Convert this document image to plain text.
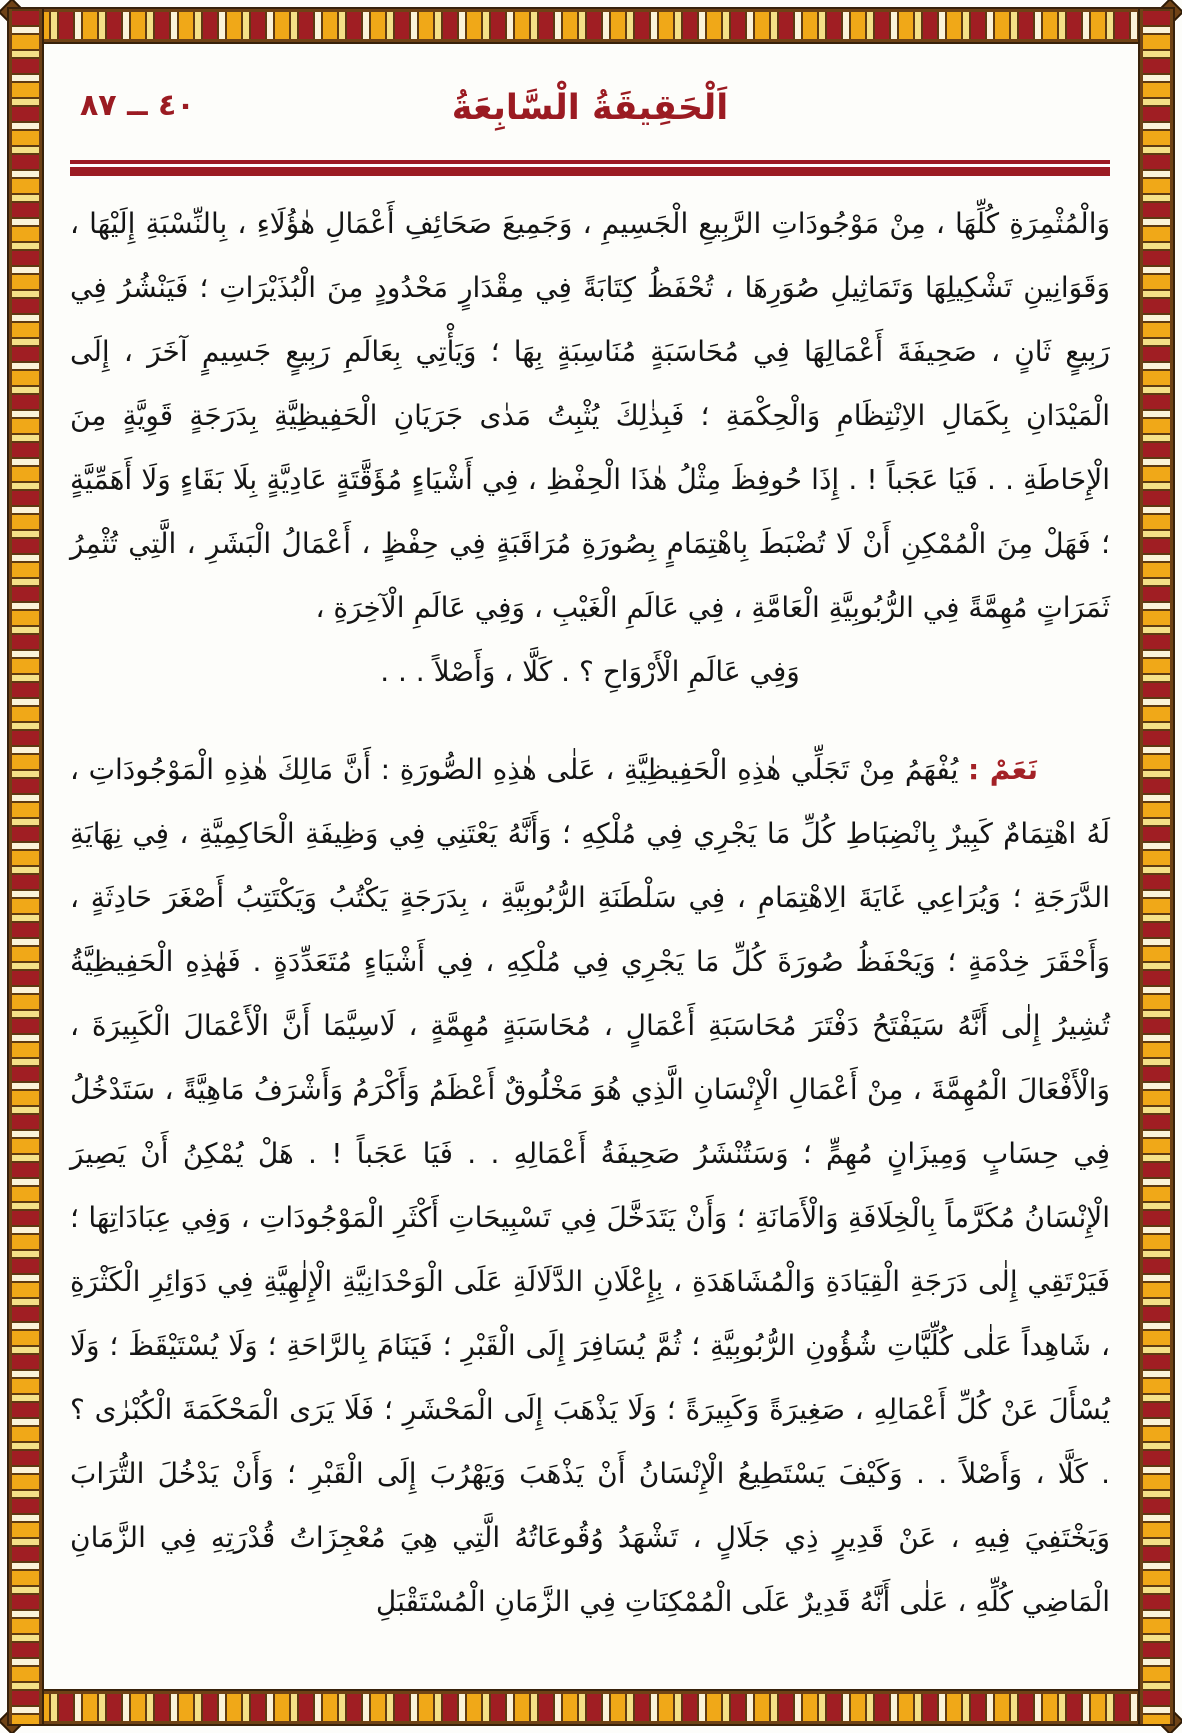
اَلْحَقِيقَةُ الْسَّابِعَةُ
٤٠ ــ ٨٧

وَالْمُثْمِرَةِ كُلِّهَا ، مِنْ مَوْجُودَاتِ الرَّبِيعِ الْجَسِيمِ ، وَجَمِيعَ صَحَائِفِ أَعْمَالِ هٰؤُلَاءِ ، بِالنِّسْبَةِ إِلَيْهَا ، وَقَوَانِينِ تَشْكِيلِهَا وَتَمَاثِيلِ صُوَرِهَا ، تُحْفَظُ كِتَابَةً فِي مِقْدَارٍ مَحْدُودٍ مِنَ الْبُذَيْرَاتِ ؛ فَيَنْشُرُ فِي رَبِيعٍ ثَانٍ ، صَحِيفَةَ أَعْمَالِهَا فِي مُحَاسَبَةٍ مُنَاسِبَةٍ بِهَا ؛ وَيَأْتِي بِعَالَمِ رَبِيعٍ جَسِيمٍ آخَرَ ، إِلَى الْمَيْدَانِ بِكَمَالِ الاِنْتِظَامِ وَالْحِكْمَةِ ؛ فَبِذٰلِكَ يُثْبِتُ مَدٰى جَرَيَانِ الْحَفِيظِيَّةِ بِدَرَجَةٍ قَوِيَّةٍ مِنَ الْإِحَاطَةِ . . فَيَا عَجَباً ! . إِذَا حُوفِظَ مِثْلُ هٰذَا الْحِفْظِ ، فِي أَشْيَاءٍ مُؤَقَّتَةٍ عَادِيَّةٍ بِلَا بَقَاءٍ وَلَا أَهَمِّيَّةٍ ؛ فَهَلْ مِنَ الْمُمْكِنِ أَنْ لَا تُضْبَطَ بِاهْتِمَامٍ بِصُورَةِ مُرَاقَبَةٍ فِي حِفْظٍ ، أَعْمَالُ الْبَشَرِ ، الَّتِي تُثْمِرُ ثَمَرَاتٍ مُهِمَّةً فِي الرُّبُوبِيَّةِ الْعَامَّةِ ، فِي عَالَمِ الْغَيْبِ ، وَفِي عَالَمِ الْآخِرَةِ ،

وَفِي عَالَمِ الْأَرْوَاحِ ؟ . كَلَّا ، وَأَصْلاً . . .

نَعَمْ : يُفْهَمُ مِنْ تَجَلِّي هٰذِهِ الْحَفِيظِيَّةِ ، عَلٰى هٰذِهِ الصُّورَةِ : أَنَّ مَالِكَ هٰذِهِ الْمَوْجُودَاتِ ، لَهُ اهْتِمَامٌ كَبِيرٌ بِانْضِبَاطِ كُلِّ مَا يَجْرِي فِي مُلْكِهِ ؛ وَأَنَّهُ يَعْتَنِي فِي وَظِيفَةِ الْحَاكِمِيَّةِ ، فِي نِهَايَةِ الدَّرَجَةِ ؛ وَيُرَاعِي غَايَةَ الِاهْتِمَامِ ، فِي سَلْطَنَةِ الرُّبُوبِيَّةِ ، بِدَرَجَةٍ يَكْتُبُ وَيَكْتَتِبُ أَصْغَرَ حَادِثَةٍ ، وَأَحْقَرَ خِدْمَةٍ ؛ وَيَحْفَظُ صُورَةَ كُلِّ مَا يَجْرِي فِي مُلْكِهِ ، فِي أَشْيَاءٍ مُتَعَدِّدَةٍ . فَهٰذِهِ الْحَفِيظِيَّةُ تُشِيرُ إِلٰى أَنَّهُ سَيَفْتَحُ دَفْتَرَ مُحَاسَبَةِ أَعْمَالٍ ، مُحَاسَبَةٍ مُهِمَّةٍ ، لَاسِيَّمَا أَنَّ الْأَعْمَالَ الْكَبِيرَةَ ، وَالْأَفْعَالَ الْمُهِمَّةَ ، مِنْ أَعْمَالِ الْإِنْسَانِ الَّذِي هُوَ مَخْلُوقٌ أَعْظَمُ وَأَكْرَمُ وَأَشْرَفُ مَاهِيَّةً ، سَتَدْخُلُ فِي حِسَابٍ وَمِيزَانٍ مُهِمٍّ ؛ وَسَتُنْشَرُ صَحِيفَةُ أَعْمَالِهِ . . فَيَا عَجَباً ! . هَلْ يُمْكِنُ أَنْ يَصِيرَ الْإِنْسَانُ مُكَرَّماً بِالْخِلَافَةِ وَالْأَمَانَةِ ؛ وَأَنْ يَتَدَخَّلَ فِي تَسْبِيحَاتِ أَكْثَرِ الْمَوْجُودَاتِ ، وَفِي عِبَادَاتِهَا ؛ فَيَرْتَقِي إِلٰى دَرَجَةِ الْقِيَادَةِ وَالْمُشَاهَدَةِ ، بِإِعْلَانِ الدَّلَالَةِ عَلَى الْوَحْدَانِيَّةِ الْإِلٰهِيَّةِ فِي دَوَائِرِ الْكَثْرَةِ ، شَاهِداً عَلٰى كُلِّيَّاتِ شُؤُونِ الرُّبُوبِيَّةِ ؛ ثُمَّ يُسَافِرَ إِلَى الْقَبْرِ ؛ فَيَنَامَ بِالرَّاحَةِ ؛ وَلَا يُسْتَيْقَظَ ؛ وَلَا يُسْأَلَ عَنْ كُلِّ أَعْمَالِهِ ، صَغِيرَةً وَكَبِيرَةً ؛ وَلَا يَذْهَبَ إِلَى الْمَحْشَرِ ؛ فَلَا يَرَى الْمَحْكَمَةَ الْكُبْرٰى ؟ . كَلَّا ، وَأَصْلاً . . وَكَيْفَ يَسْتَطِيعُ الْإِنْسَانُ أَنْ يَذْهَبَ وَيَهْرُبَ إِلَى الْقَبْرِ ؛ وَأَنْ يَدْخُلَ التُّرَابَ وَيَخْتَفِيَ فِيهِ ، عَنْ قَدِيرٍ ذِي جَلَالٍ ، تَشْهَدُ وُقُوعَاتُهُ الَّتِي هِيَ مُعْجِزَاتُ قُدْرَتِهِ فِي الزَّمَانِ الْمَاضِي كُلِّهِ ، عَلٰى أَنَّهُ قَدِيرٌ عَلَى الْمُمْكِنَاتِ فِي الزَّمَانِ الْمُسْتَقْبَلِ
